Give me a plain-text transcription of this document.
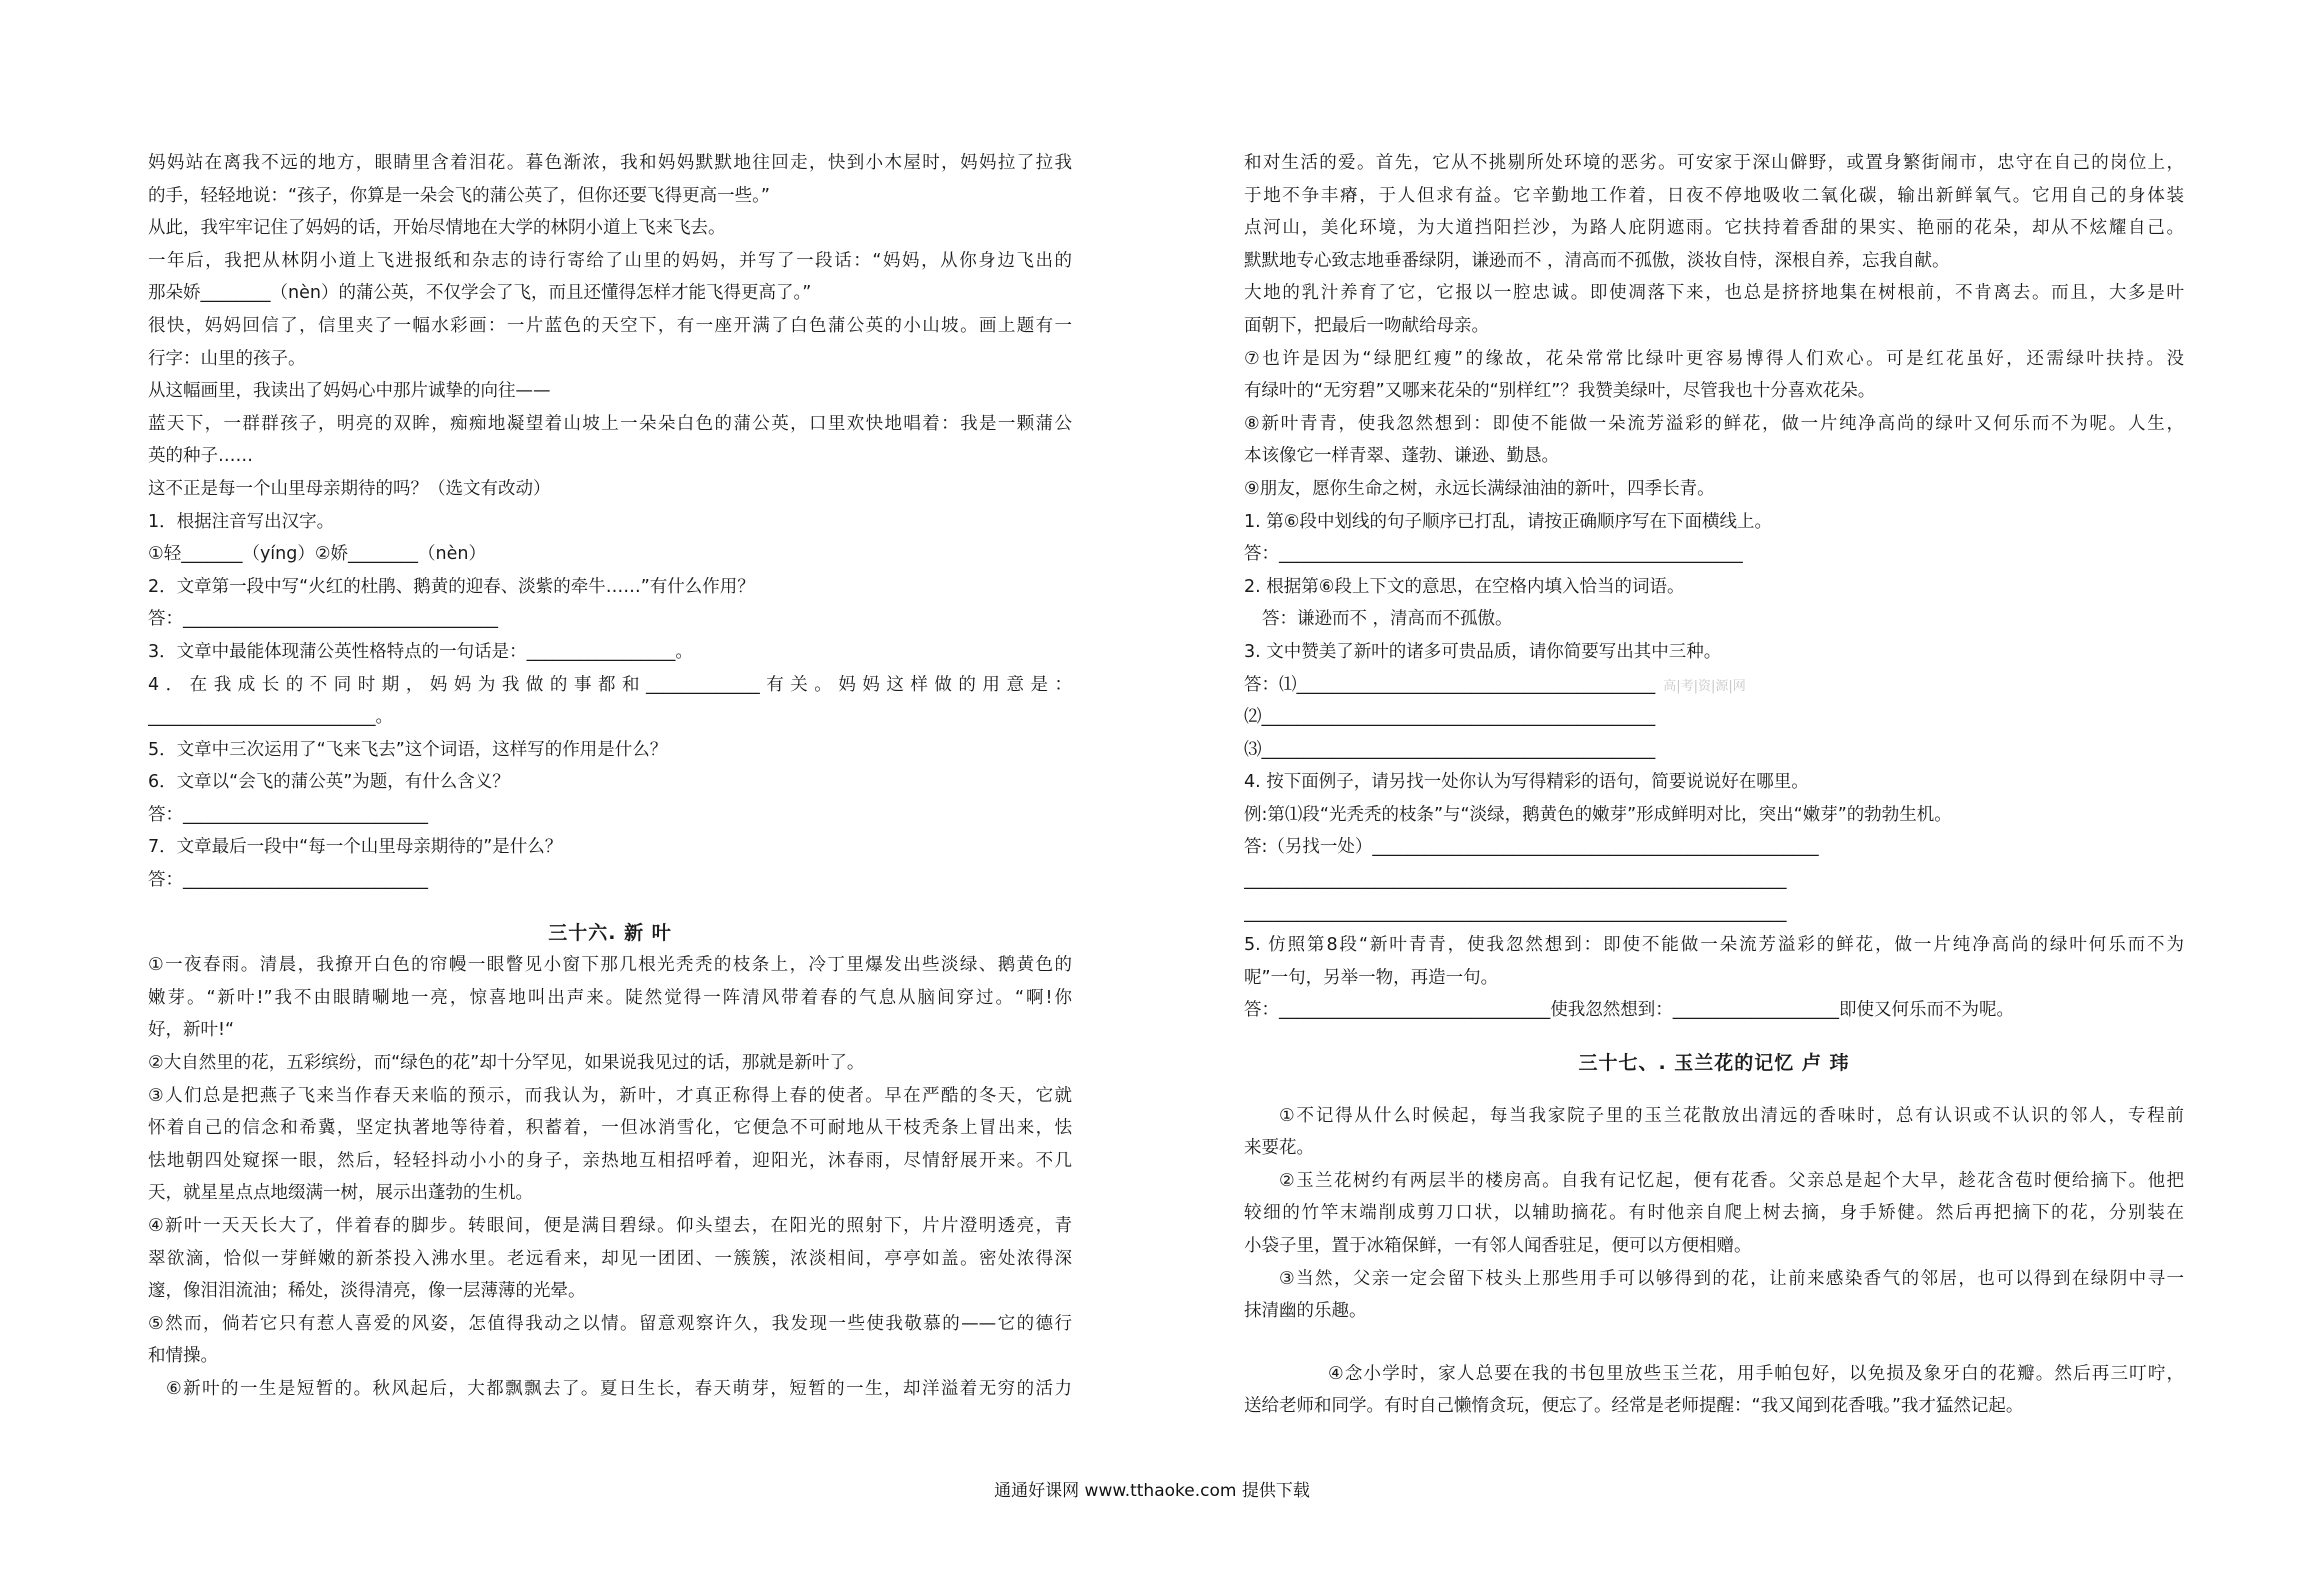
妈妈站在离我不远的地方，眼睛里含着泪花。暮色渐浓，我和妈妈默默地往回走，快到小木屋时，妈妈拉了拉我
的手，轻轻地说：“孩子，你算是一朵会飞的蒲公英了，但你还要飞得更高一些。”
从此，我牢牢记住了妈妈的话，开始尽情地在大学的林阴小道上飞来飞去。
一年后，我把从林阴小道上飞进报纸和杂志的诗行寄给了山里的妈妈，并写了一段话：“妈妈，从你身边飞出的
那朵娇________（nèn）的蒲公英，不仅学会了飞，而且还懂得怎样才能飞得更高了。”
很快，妈妈回信了，信里夹了一幅水彩画：一片蓝色的天空下，有一座开满了白色蒲公英的小山坡。画上题有一
行字：山里的孩子。
从这幅画里，我读出了妈妈心中那片诚挚的向往——
蓝天下，一群群孩子，明亮的双眸，痴痴地凝望着山坡上一朵朵白色的蒲公英，口里欢快地唱着：我是一颗蒲公
英的种子……
这不正是每一个山里母亲期待的吗？（选文有改动）
1．根据注音写出汉字。
①轻_______（yíng）②娇________（nèn）
2．文章第一段中写“火红的杜鹃、鹅黄的迎春、淡紫的牵牛……”有什么作用？
答：____________________________________
3．文章中最能体现蒲公英性格特点的一句话是：_________________。
4．在我成长的不同时期，妈妈为我做的事都和_____________有关。妈妈这样做的用意是：
__________________________。
5．文章中三次运用了“飞来飞去”这个词语，这样写的作用是什么？
6．文章以“会飞的蒲公英”为题，有什么含义？
答：____________________________
7．文章最后一段中“每一个山里母亲期待的”是什么？
答：____________________________
三十六. 新 叶
①一夜春雨。清晨，我撩开白色的帘幔一眼瞥见小窗下那几根光秃秃的枝条上，冷丁里爆发出些淡绿、鹅黄色的
嫩芽。“新叶!”我不由眼睛唰地一亮，惊喜地叫出声来。陡然觉得一阵清风带着春的气息从脑间穿过。“啊!你
好，新叶!“
②大自然里的花，五彩缤纷，而“绿色的花”却十分罕见，如果说我见过的话，那就是新叶了。
③人们总是把燕子飞来当作春天来临的预示，而我认为，新叶，才真正称得上春的使者。早在严酷的冬天，它就
怀着自己的信念和希冀，坚定执著地等待着，积蓄着，一但冰消雪化，它便急不可耐地从干枝秃条上冒出来，怯
怯地朝四处窥探一眼，然后，轻轻抖动小小的身子，亲热地互相招呼着，迎阳光，沐春雨，尽情舒展开来。不几
天，就星星点点地缀满一树，展示出蓬勃的生机。
④新叶一天天长大了，伴着春的脚步。转眼间，便是满目碧绿。仰头望去，在阳光的照射下，片片澄明透亮，青
翠欲滴，恰似一芽鲜嫩的新茶投入沸水里。老远看来，却见一团团、一簇簇，浓淡相间，亭亭如盖。密处浓得深
邃，像泪泪流油；稀处，淡得清亮，像一层薄薄的光晕。
⑤然而，倘若它只有惹人喜爱的风姿，怎值得我动之以情。留意观察许久，我发现一些使我敬慕的——它的德行
和情操。
⑥新叶的一生是短暂的。秋风起后，大都飘飘去了。夏日生长，春天萌芽，短暂的一生，却洋溢着无穷的活力
和对生活的爱。首先，它从不挑剔所处环境的恶劣。可安家于深山僻野，或置身繁街闹市，忠守在自己的岗位上，
于地不争丰瘠，于人但求有益。它辛勤地工作着，日夜不停地吸收二氧化碳，输出新鲜氧气。它用自己的身体装
点河山，美化环境，为大道挡阳拦沙，为路人庇阴遮雨。它扶持着香甜的果实、艳丽的花朵，却从不炫耀自己。
默默地专心致志地垂番绿阴，谦逊而不 ，清高而不孤傲，淡妆自恃，深根自养，忘我自献。
大地的乳汁养育了它，它报以一腔忠诚。即使凋落下来，也总是挤挤地集在树根前，不肯离去。而且，大多是叶
面朝下，把最后一吻献给母亲。
⑦也许是因为“绿肥红瘦”的缘故，花朵常常比绿叶更容易博得人们欢心。可是红花虽好，还需绿叶扶持。没
有绿叶的“无穷碧”又哪来花朵的“别样红”？我赞美绿叶，尽管我也十分喜欢花朵。
⑧新叶青青，使我忽然想到：即使不能做一朵流芳溢彩的鲜花，做一片纯净高尚的绿叶又何乐而不为呢。人生，
本该像它一样青翠、蓬勃、谦逊、勤恳。
⑨朋友，愿你生命之树，永远长满绿油油的新叶，四季长青。
1. 第⑥段中划线的句子顺序已打乱，请按正确顺序写在下面横线上。
答：_____________________________________________________
2. 根据第⑥段上下文的意思，在空格内填入恰当的词语。
答：谦逊而不 ，清高而不孤傲。
3. 文中赞美了新叶的诸多可贵品质，请你简要写出其中三种。
答：⑴_________________________________________ 高|考|资|源|网
⑵_____________________________________________
⑶_____________________________________________
4. 按下面例子，请另找一处你认为写得精彩的语句，简要说说好在哪里。
例:第⑴段“光秃秃的枝条”与“淡绿，鹅黄色的嫩芽”形成鲜明对比，突出“嫩芽”的勃勃生机。
答:（另找一处）___________________________________________________
______________________________________________________________
______________________________________________________________
5. 仿照第8段“新叶青青，使我忽然想到：即使不能做一朵流芳溢彩的鲜花，做一片纯净高尚的绿叶何乐而不为
呢”一句，另举一物，再造一句。
答：_______________________________使我忽然想到：___________________即使又何乐而不为呢。
三十七、. 玉兰花的记忆 卢 玮
①不记得从什么时候起，每当我家院子里的玉兰花散放出清远的香味时，总有认识或不认识的邻人，专程前
来要花。
②玉兰花树约有两层半的楼房高。自我有记忆起，便有花香。父亲总是起个大早，趁花含苞时便给摘下。他把
较细的竹竿末端削成剪刀口状，以辅助摘花。有时他亲自爬上树去摘，身手矫健。然后再把摘下的花，分别装在
小袋子里，置于冰箱保鲜，一有邻人闻香驻足，便可以方便相赠。
③当然，父亲一定会留下枝头上那些用手可以够得到的花，让前来感染香气的邻居，也可以得到在绿阴中寻一
抹清幽的乐趣。
④念小学时，家人总要在我的书包里放些玉兰花，用手帕包好，以免损及象牙白的花瓣。然后再三叮咛，
送给老师和同学。有时自己懒惰贪玩，便忘了。经常是老师提醒：“我又闻到花香哦。”我才猛然记起。
通通好课网 www.tthaoke.com 提供下载
